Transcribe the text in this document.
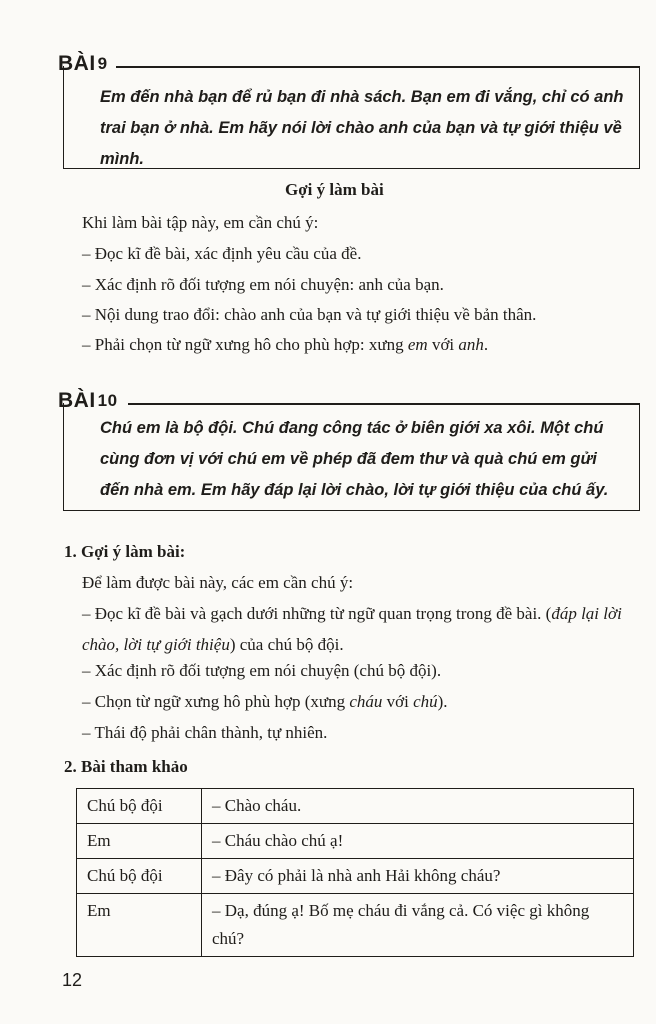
BÀI 9
Em đến nhà bạn để rủ bạn đi nhà sách. Bạn em đi vắng, chỉ có anh trai bạn ở nhà. Em hãy nói lời chào anh của bạn và tự giới thiệu về mình.
Gợi ý làm bài
Khi làm bài tập này, em cần chú ý:
– Đọc kĩ đề bài, xác định yêu cầu của đề.
– Xác định rõ đối tượng em nói chuyện: anh của bạn.
– Nội dung trao đổi: chào anh của bạn và tự giới thiệu về bản thân.
– Phải chọn từ ngữ xưng hô cho phù hợp: xưng em với anh.
BÀI 10
Chú em là bộ đội. Chú đang công tác ở biên giới xa xôi. Một chú cùng đơn vị với chú em về phép đã đem thư và quà chú em gửi đến nhà em. Em hãy đáp lại lời chào, lời tự giới thiệu của chú ấy.
1. Gợi ý làm bài:
Để làm được bài này, các em cần chú ý:
– Đọc kĩ đề bài và gạch dưới những từ ngữ quan trọng trong đề bài. (đáp lại lời chào, lời tự giới thiệu) của chú bộ đội.
– Xác định rõ đối tượng em nói chuyện (chú bộ đội).
– Chọn từ ngữ xưng hô phù hợp (xưng cháu với chú).
– Thái độ phải chân thành, tự nhiên.
2. Bài tham khảo
Chú bộ đội	– Chào cháu.
Em	– Cháu chào chú ạ!
Chú bộ đội	– Đây có phải là nhà anh Hải không cháu?
Em	– Dạ, đúng ạ! Bố mẹ cháu đi vắng cả. Có việc gì không chú?
12
